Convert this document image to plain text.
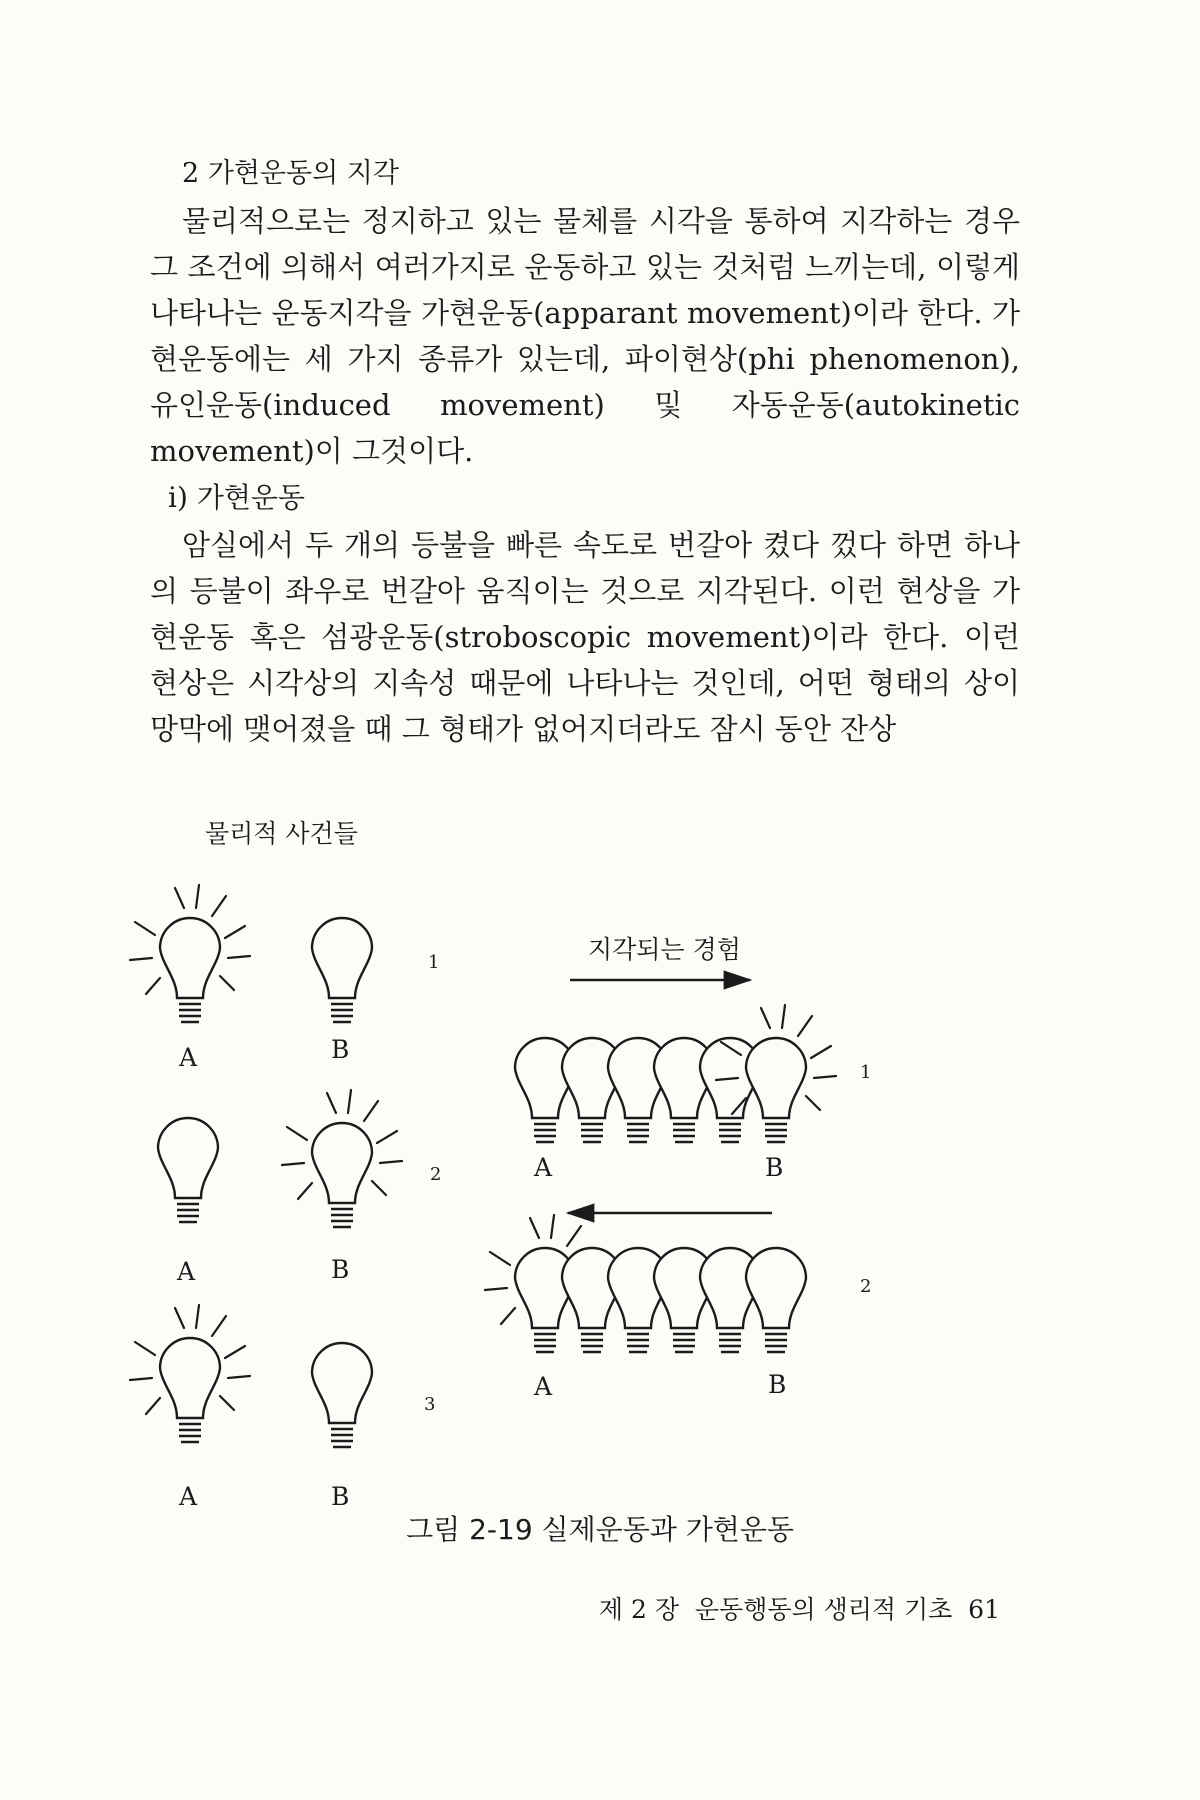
2 가현운동의 지각

물리적으로는 정지하고 있는 물체를 시각을 통하여 지각하는 경우 그 조건에 의해서 여러가지로 운동하고 있는 것처럼 느끼는데, 이렇게 나타나는 운동지각을 가현운동(apparant movement)이라 한다. 가현운동에는 세 가지 종류가 있는데, 파이현상(phi phenomenon), 유인운동(induced movement) 및 자동운동(autokinetic movement)이 그것이다.

i) 가현운동

암실에서 두 개의 등불을 빠른 속도로 번갈아 켰다 껐다 하면 하나의 등불이 좌우로 번갈아 움직이는 것으로 지각된다. 이런 현상을 가현운동 혹은 섬광운동(stroboscopic movement)이라 한다. 이런 현상은 시각상의 지속성 때문에 나타나는 것인데, 어떤 형태의 상이 망막에 맺어졌을 때 그 형태가 없어지더라도 잠시 동안 잔상

물리적 사건들
A	B
1
A	B
2
A	B
3
지각되는 경험
A	B
1
A	B
2
그림 2-19 실제운동과 가현운동
제 2 장  운동행동의 생리적 기초  61
